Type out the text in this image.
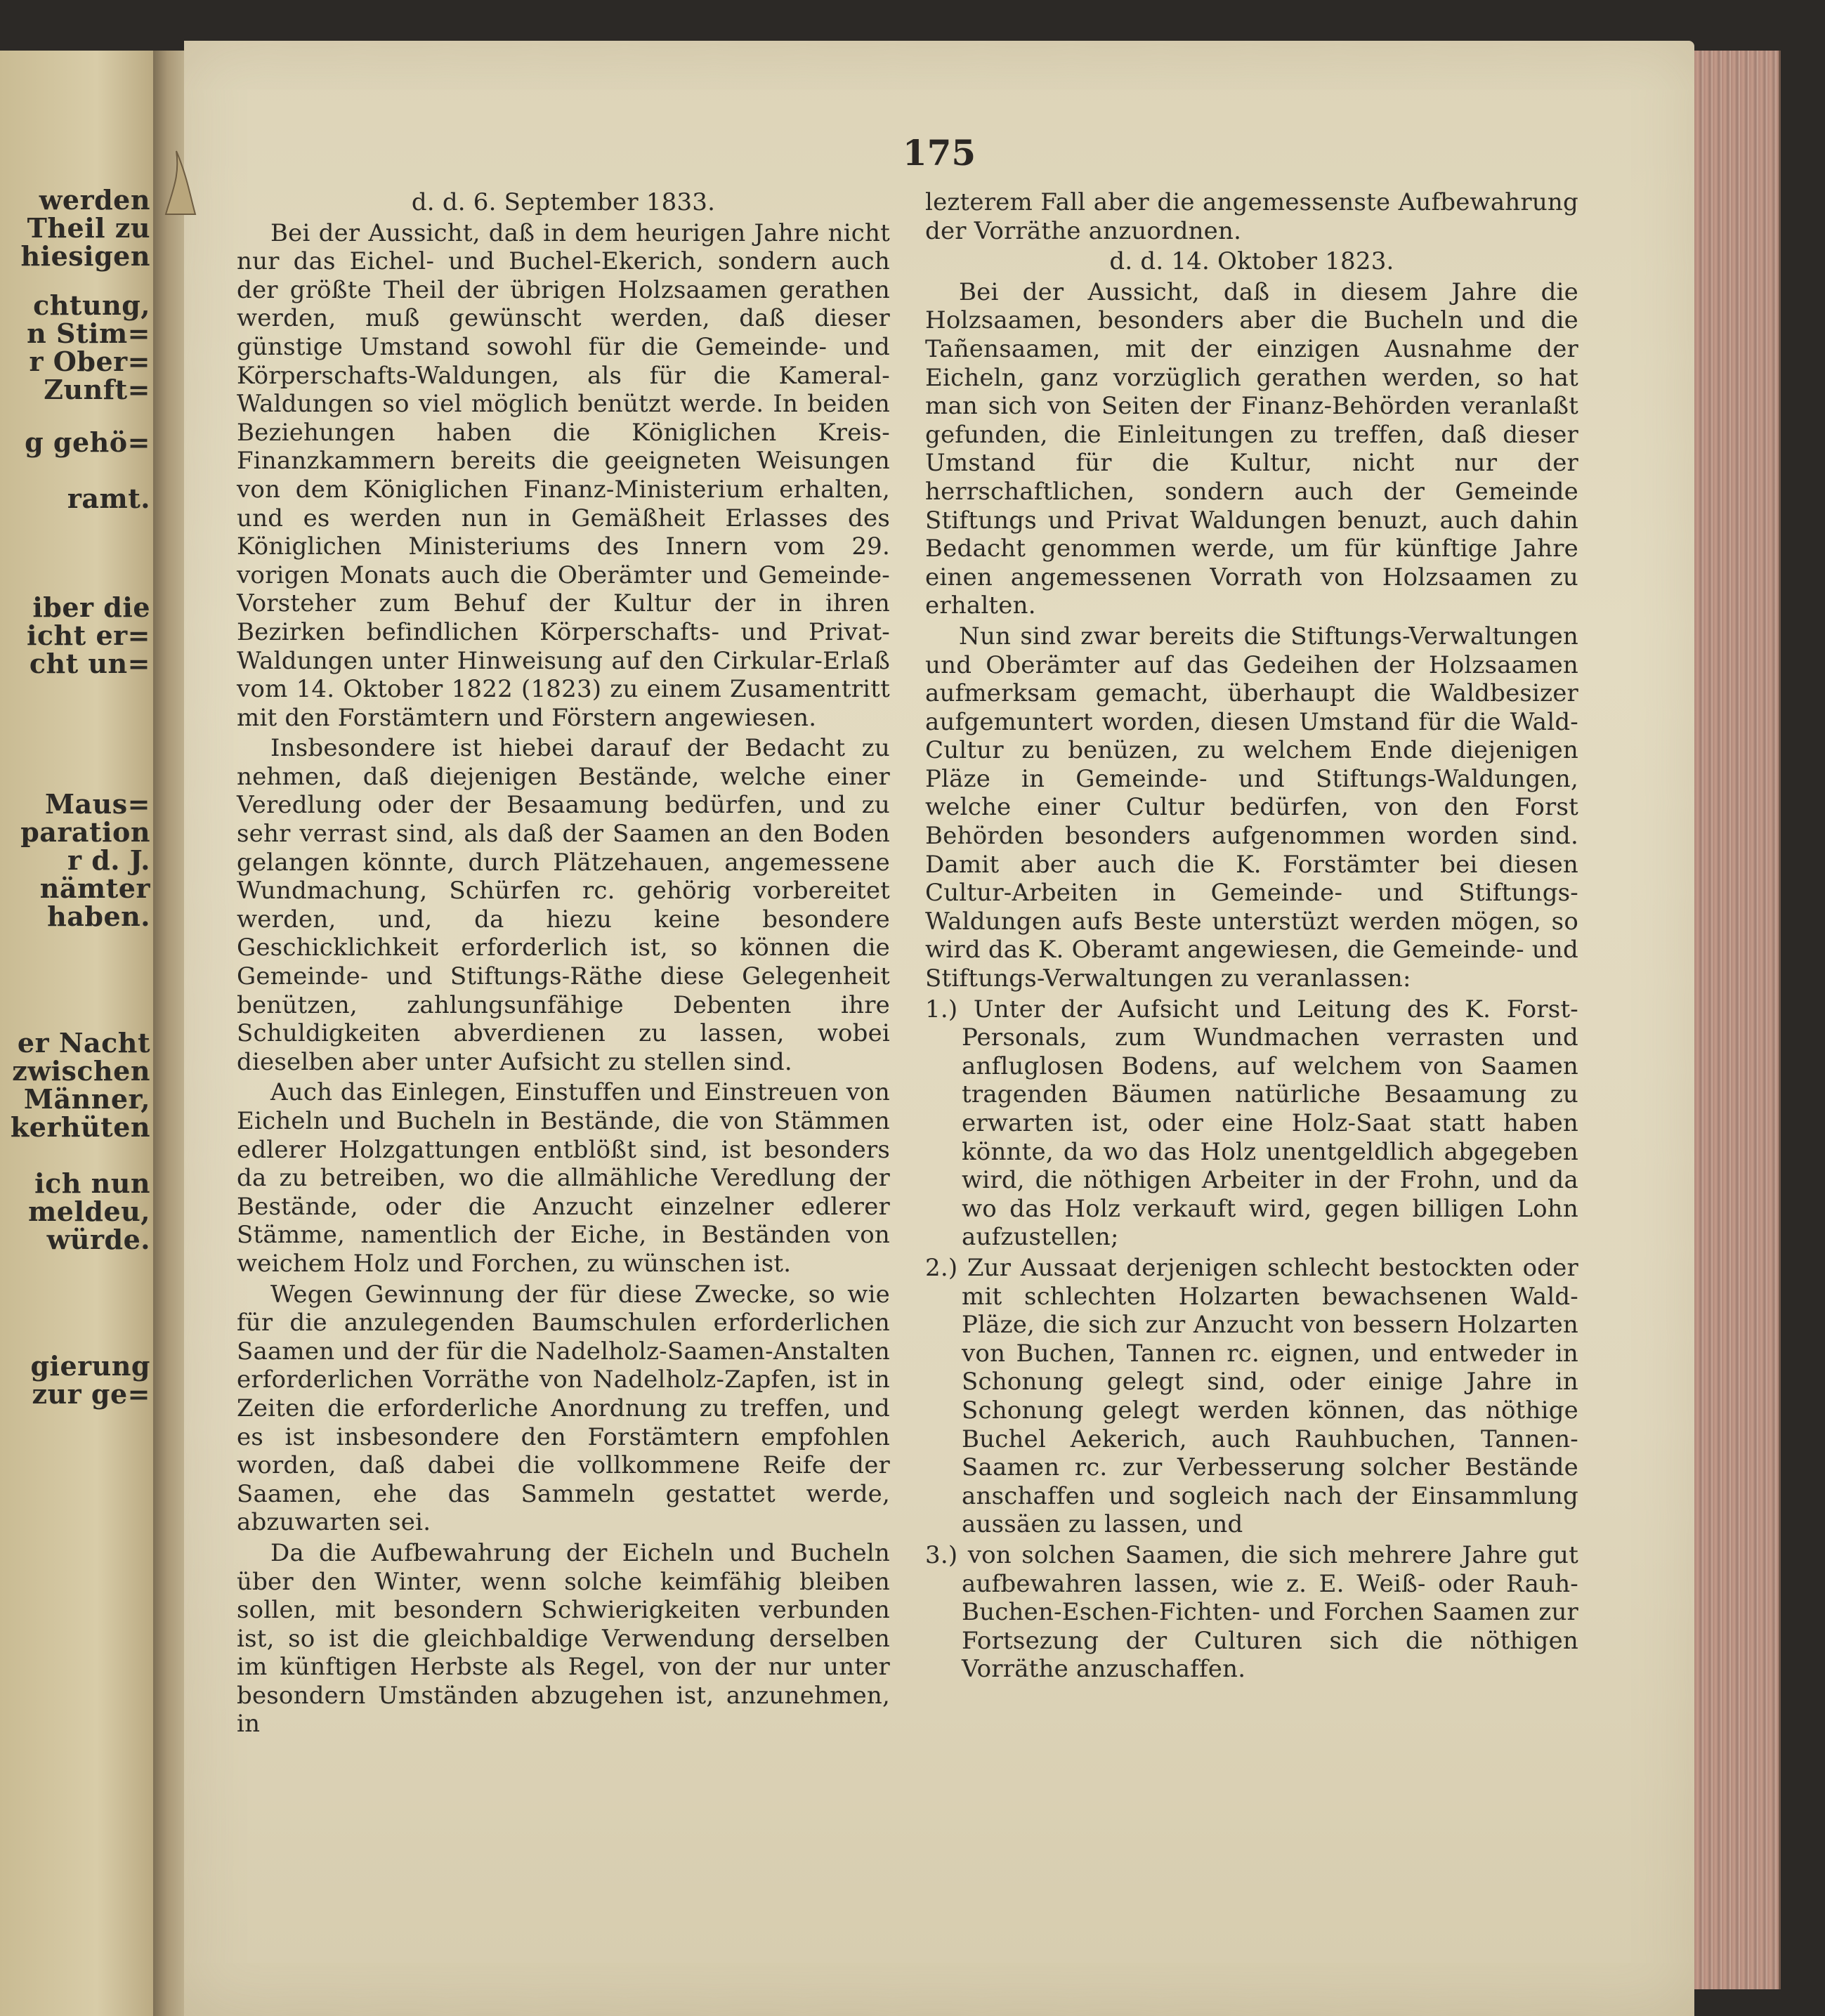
werden
Theil zu
hiesigen
chtung,
n Stim=
r Ober=
Zunft=
g gehö=
ramt.
iber die
icht er=
cht un=
Maus=
paration
r d. J.
nämter
haben.
er Nacht
zwischen
Männer,
kerhüten
ich nun
meldeu,
würde.
gierung
zur ge=
175

d. d. 6. September 1833.

Bei der Aussicht, daß in dem heurigen Jahre nicht nur das Eichel- und Buchel-Ekerich, sondern auch der größte Theil der übrigen Holzsaamen gerathen werden, muß gewünscht werden, daß dieser günstige Umstand sowohl für die Gemeinde- und Körperschafts-Waldungen, als für die Kameral-Waldungen so viel möglich benützt werde. In beiden Beziehungen haben die Königlichen Kreis-Finanzkammern bereits die geeigneten Weisungen von dem Königlichen Finanz-Ministerium erhalten, und es werden nun in Gemäßheit Erlasses des Königlichen Ministeriums des Innern vom 29. vorigen Monats auch die Oberämter und Gemeinde-Vorsteher zum Behuf der Kultur der in ihren Bezirken befindlichen Körperschafts- und Privat-Waldungen unter Hinweisung auf den Cirkular-Erlaß vom 14. Oktober 1822 (1823) zu einem Zusamentritt mit den Forstämtern und Förstern angewiesen.

Insbesondere ist hiebei darauf der Bedacht zu nehmen, daß diejenigen Bestände, welche einer Veredlung oder der Besaamung bedürfen, und zu sehr verrast sind, als daß der Saamen an den Boden gelangen könnte, durch Plätzehauen, angemessene Wundmachung, Schürfen rc. gehörig vorbereitet werden, und, da hiezu keine besondere Geschicklichkeit erforderlich ist, so können die Gemeinde- und Stiftungs-Räthe diese Gelegenheit benützen, zahlungsunfähige Debenten ihre Schuldigkeiten abverdienen zu lassen, wobei dieselben aber unter Aufsicht zu stellen sind.

Auch das Einlegen, Einstuffen und Einstreuen von Eicheln und Bucheln in Bestände, die von Stämmen edlerer Holzgattungen entblößt sind, ist besonders da zu betreiben, wo die allmähliche Veredlung der Bestände, oder die Anzucht einzelner edlerer Stämme, namentlich der Eiche, in Beständen von weichem Holz und Forchen, zu wünschen ist.

Wegen Gewinnung der für diese Zwecke, so wie für die anzulegenden Baumschulen erforderlichen Saamen und der für die Nadelholz-Saamen-Anstalten erforderlichen Vorräthe von Nadelholz-Zapfen, ist in Zeiten die erforderliche Anordnung zu treffen, und es ist insbesondere den Forstämtern empfohlen worden, daß dabei die vollkommene Reife der Saamen, ehe das Sammeln gestattet werde, abzuwarten sei.

Da die Aufbewahrung der Eicheln und Bucheln über den Winter, wenn solche keimfähig bleiben sollen, mit besondern Schwierigkeiten verbunden ist, so ist die gleichbaldige Verwendung derselben im künftigen Herbste als Regel, von der nur unter besondern Umständen abzugehen ist, anzunehmen, in

lezterem Fall aber die angemessenste Aufbewahrung der Vorräthe anzuordnen.

d. d. 14. Oktober 1823.

Bei der Aussicht, daß in diesem Jahre die Holzsaamen, besonders aber die Bucheln und die Tañensaamen, mit der einzigen Ausnahme der Eicheln, ganz vorzüglich gerathen werden, so hat man sich von Seiten der Finanz-Behörden veranlaßt gefunden, die Einleitungen zu treffen, daß dieser Umstand für die Kultur, nicht nur der herrschaftlichen, sondern auch der Gemeinde Stiftungs und Privat Waldungen benuzt, auch dahin Bedacht genommen werde, um für künftige Jahre einen angemessenen Vorrath von Holzsaamen zu erhalten.

Nun sind zwar bereits die Stiftungs-Verwaltungen und Oberämter auf das Gedeihen der Holzsaamen aufmerksam gemacht, überhaupt die Waldbesizer aufgemuntert worden, diesen Umstand für die Wald-Cultur zu benüzen, zu welchem Ende diejenigen Pläze in Gemeinde- und Stiftungs-Waldungen, welche einer Cultur bedürfen, von den Forst Behörden besonders aufgenommen worden sind. Damit aber auch die K. Forstämter bei diesen Cultur-Arbeiten in Gemeinde- und Stiftungs-Waldungen aufs Beste unterstüzt werden mögen, so wird das K. Oberamt angewiesen, die Gemeinde- und Stiftungs-Verwaltungen zu veranlassen:

1.) Unter der Aufsicht und Leitung des K. Forst-Personals, zum Wundmachen verrasten und anfluglosen Bodens, auf welchem von Saamen tragenden Bäumen natürliche Besaamung zu erwarten ist, oder eine Holz-Saat statt haben könnte, da wo das Holz unentgeldlich abgegeben wird, die nöthigen Arbeiter in der Frohn, und da wo das Holz verkauft wird, gegen billigen Lohn aufzustellen;

2.) Zur Aussaat derjenigen schlecht bestockten oder mit schlechten Holzarten bewachsenen Wald-Pläze, die sich zur Anzucht von bessern Holzarten von Buchen, Tannen rc. eignen, und entweder in Schonung gelegt sind, oder einige Jahre in Schonung gelegt werden können, das nöthige Buchel Aekerich, auch Rauhbuchen, Tannen-Saamen rc. zur Verbesserung solcher Bestände anschaffen und sogleich nach der Einsammlung aussäen zu lassen, und

3.) von solchen Saamen, die sich mehrere Jahre gut aufbewahren lassen, wie z. E. Weiß- oder Rauh-Buchen-Eschen-Fichten- und Forchen Saamen zur Fortsezung der Culturen sich die nöthigen Vorräthe anzuschaffen.
